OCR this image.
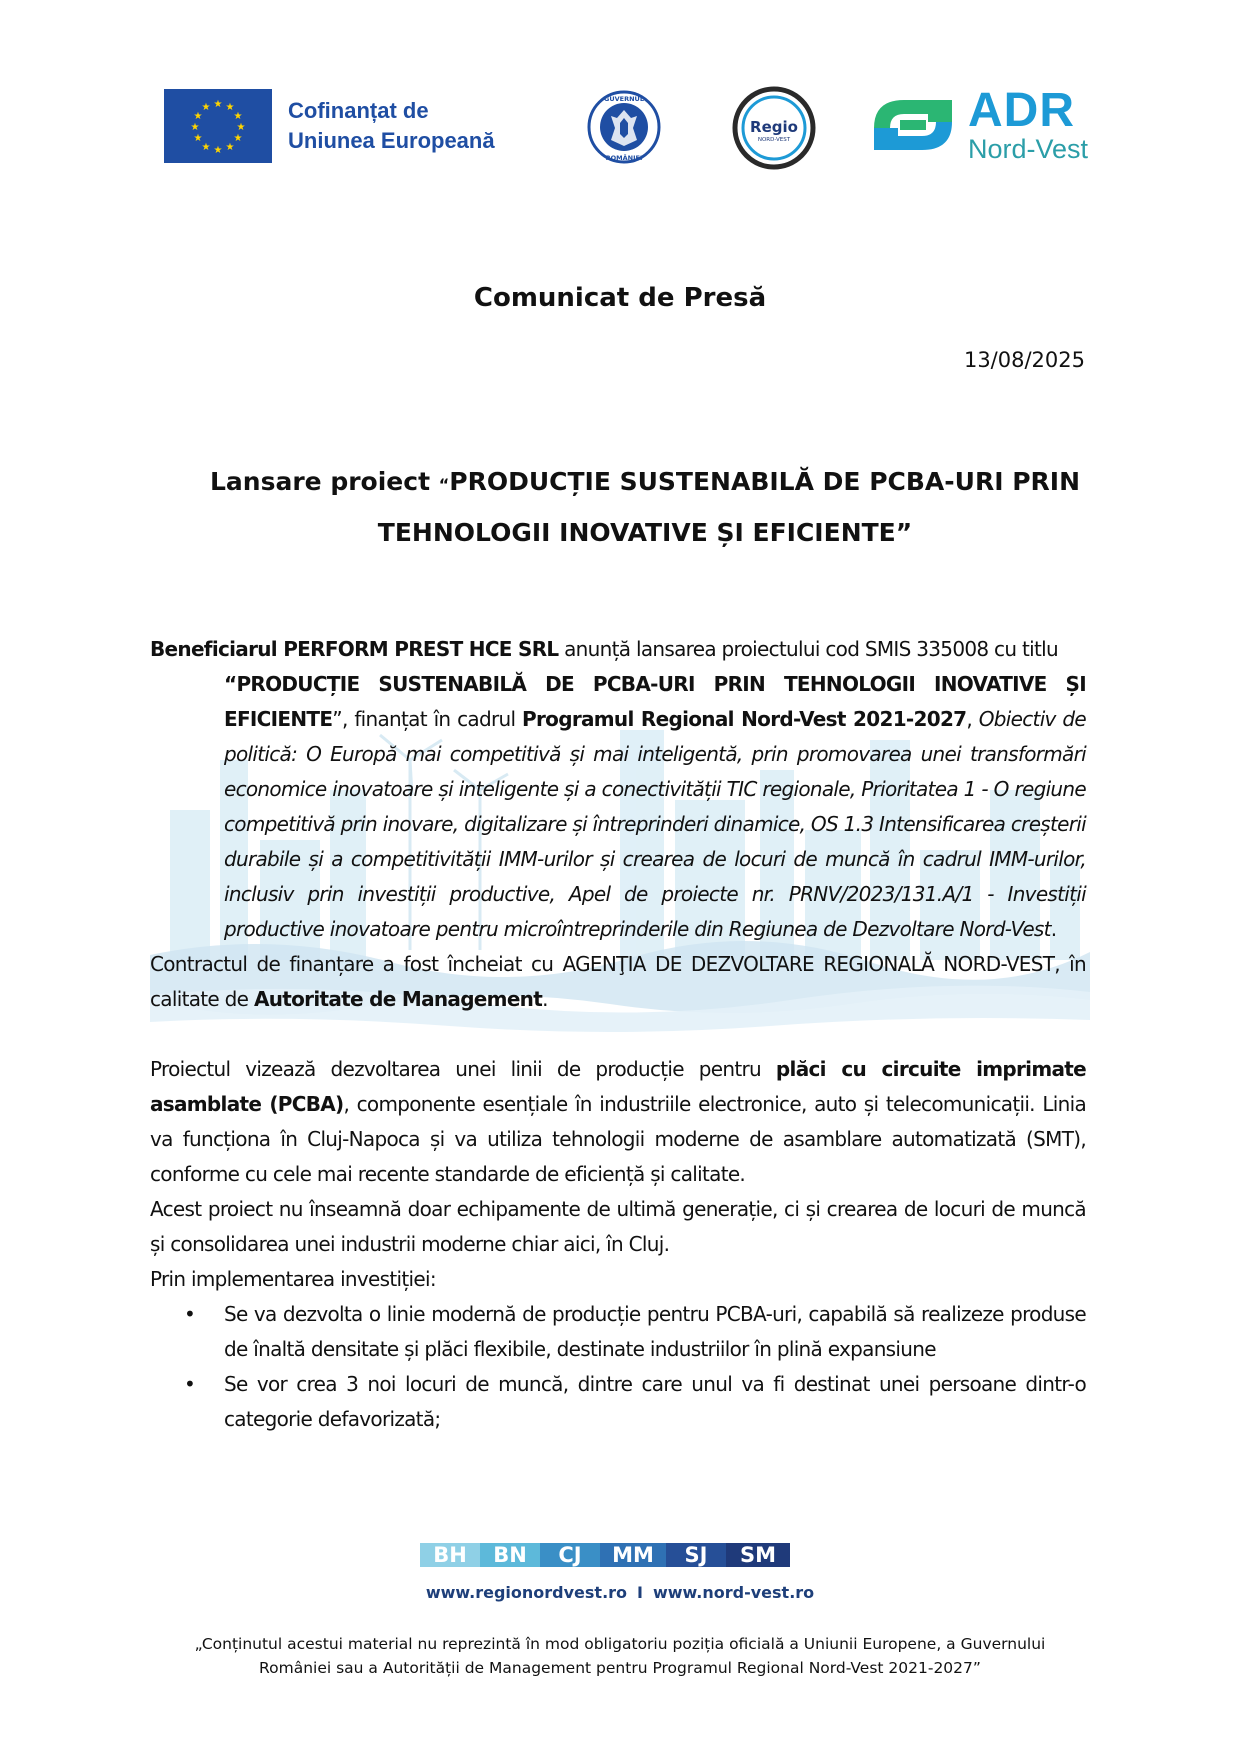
★ ★
★
★
★
★
★
★
★
★
★
★	Cofinanțat de
Uniunea Europeană
GUVERNUL
ROMÂNIEI
Regio
NORD-VEST
ADR
Nord-Vest
Comunicat de Presă
13/08/2025
Lansare proiect “PRODUCȚIE SUSTENABILĂ DE PCBA-URI PRIN TEHNOLOGII INOVATIVE ȘI EFICIENTE”

Beneficiarul PERFORM PREST HCE SRL anunță lansarea proiectului cod SMIS 335008 cu titlu

“PRODUCȚIE SUSTENABILĂ DE PCBA-URI PRIN TEHNOLOGII INOVATIVE ȘI EFICIENTE”, finanțat în cadrul Programul Regional Nord-Vest 2021-2027, Obiectiv de politică: O Europă mai competitivă și mai inteligentă, prin promovarea unei transformări economice inovatoare și inteligente și a conectivității TIC regionale, Prioritatea 1 - O regiune competitivă prin inovare, digitalizare și întreprinderi dinamice, OS 1.3 Intensificarea creșterii durabile și a competitivității IMM-urilor și crearea de locuri de muncă în cadrul IMM-urilor, inclusiv prin investiții productive, Apel de proiecte nr. PRNV/2023/131.A/1 - Investiții productive inovatoare pentru microîntreprinderile din Regiunea de Dezvoltare Nord-Vest.

Contractul de finanțare a fost încheiat cu AGENŢIA DE DEZVOLTARE REGIONALĂ NORD-VEST, în calitate de Autoritate de Management.

Proiectul vizează dezvoltarea unei linii de producție pentru plăci cu circuite imprimate asamblate (PCBA), componente esențiale în industriile electronice, auto și telecomunicații. Linia va funcționa în Cluj-Napoca și va utiliza tehnologii moderne de asamblare automatizată (SMT), conforme cu cele mai recente standarde de eficiență și calitate.

Acest proiect nu înseamnă doar echipamente de ultimă generație, ci și crearea de locuri de muncă și consolidarea unei industrii moderne chiar aici, în Cluj.

Prin implementarea investiției:

• Se va dezvolta o linie modernă de producție pentru PCBA-uri, capabilă să realizeze produse de înaltă densitate și plăci flexibile, destinate industriilor în plină expansiune
• Se vor crea 3 noi locuri de muncă, dintre care unul va fi destinat unei persoane dintr-o categorie defavorizată;
BH	BN	CJ	MM	SJ	SM
www.regionordvest.ro I www.nord-vest.ro
„Conținutul acestui material nu reprezintă în mod obligatoriu poziția oficială a Uniunii Europene, a Guvernului României sau a Autorității de Management pentru Programul Regional Nord-Vest 2021-2027”
